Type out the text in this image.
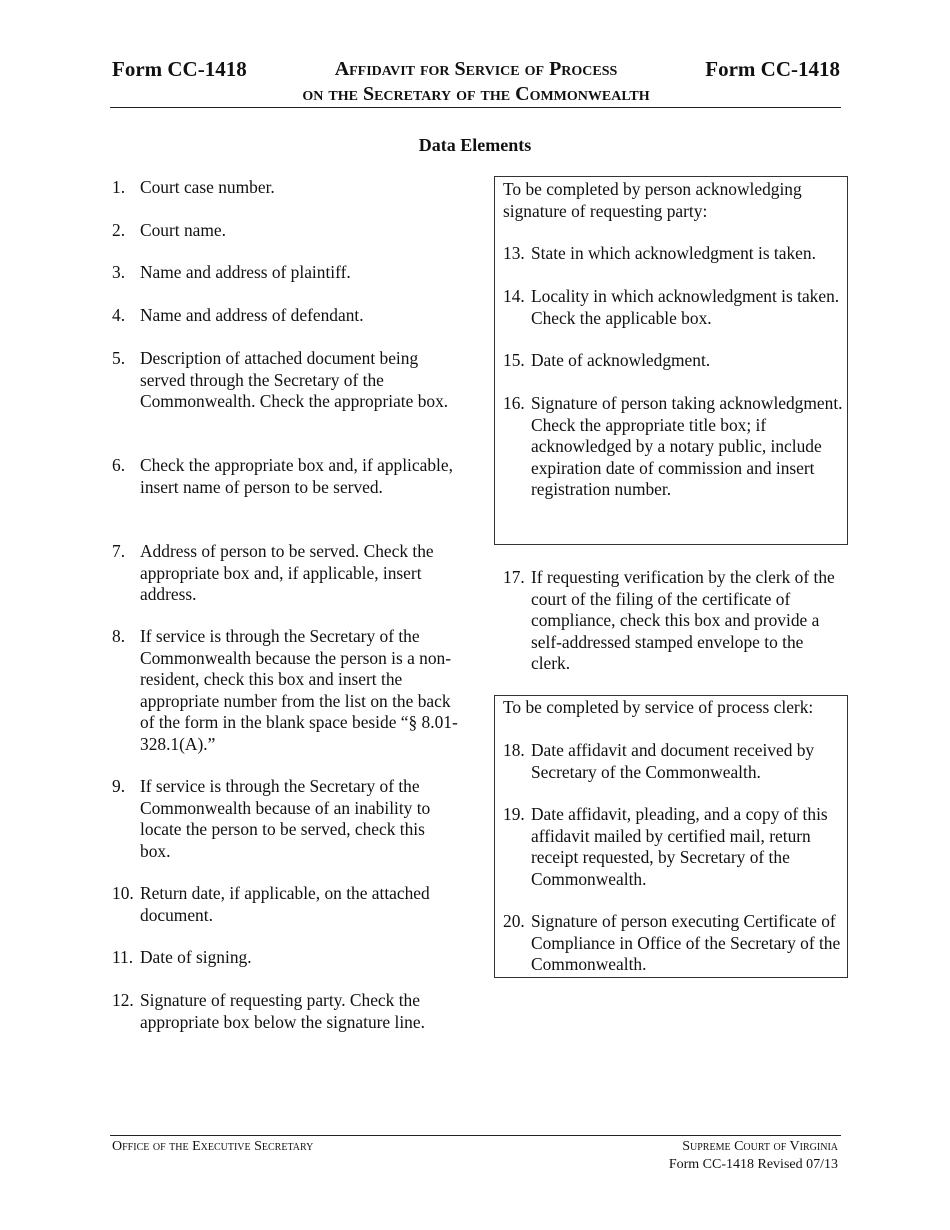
Form CC-1418	Affidavit for Service of Process	Form CC-1418
on the Secretary of the Commonwealth
Data Elements
1. Court case number.
2. Court name.
3. Name and address of plaintiff.
4. Name and address of defendant.
5. Description of attached document being served through the Secretary of the Commonwealth. Check the appropriate box.
6. Check the appropriate box and, if applicable, insert name of person to be served.
7. Address of person to be served. Check the appropriate box and, if applicable, insert address.
8. If service is through the Secretary of the Commonwealth because the person is a non-resident, check this box and insert the appropriate number from the list on the back of the form in the blank space beside “§ 8.01-328.1(A).”
9. If service is through the Secretary of the Commonwealth because of an inability to locate the person to be served, check this box.
10. Return date, if applicable, on the attached document.
11. Date of signing.
12. Signature of requesting party. Check the appropriate box below the signature line.
To be completed by person acknowledging signature of requesting party:
13. State in which acknowledgment is taken.
14. Locality in which acknowledgment is taken. Check the applicable box.
15. Date of acknowledgment.
16. Signature of person taking acknowledgment. Check the appropriate title box; if acknowledged by a notary public, include expiration date of commission and insert registration number.
17. If requesting verification by the clerk of the court of the filing of the certificate of compliance, check this box and provide a self-addressed stamped envelope to the clerk.
To be completed by service of process clerk:
18. Date affidavit and document received by Secretary of the Commonwealth.
19. Date affidavit, pleading, and a copy of this affidavit mailed by certified mail, return receipt requested, by Secretary of the Commonwealth.
20. Signature of person executing Certificate of Compliance in Office of the Secretary of the Commonwealth.
Office of the Executive Secretary	Supreme Court of Virginia
Form CC-1418 Revised 07/13
